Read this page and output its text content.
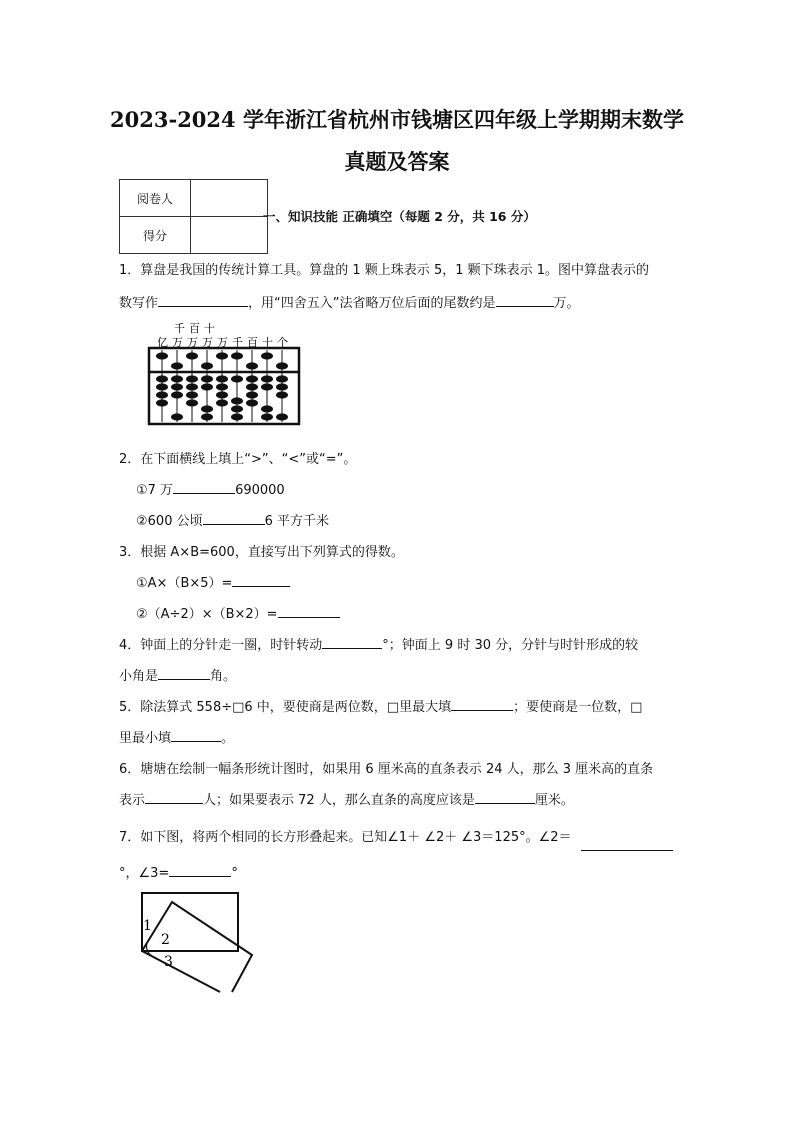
2023-2024 学年浙江省杭州市钱塘区四年级上学期期末数学
真题及答案
阅卷人	
得分	
一、知识技能 正确填空（每题 2 分，共 16 分）
1．算盘是我国的传统计算工具。算盘的 1 颗上珠表示 5，1 颗下珠表示 1。图中算盘表示的
数写作	，用“四舍五入”法省略万位后面的尾数约是	万。
千 百 十
亿 万 万 万 万 千 百 十 个
2．在下面横线上填上“>”、“<”或“=”。
①7 万	690000
②600 公顷	6 平方千米
3．根据 A×B=600，直接写出下列算式的得数。
①A×（B×5）=
②（A÷2）×（B×2）=
4．钟面上的分针走一圈，时针转动	°；钟面上 9 时 30 分，分针与时针形成的较
小角是	角。
5．除法算式 558÷□6 中，要使商是两位数，□里最大填	；要使商是一位数，□
里最小填	。
6．塘塘在绘制一幅条形统计图时，如果用 6 厘米高的直条表示 24 人，那么 3 厘米高的直条
表示	人；如果要表示 72 人，那么直条的高度应该是	厘米。
7．如下图，将两个相同的长方形叠起来。已知∠1＋ ∠2＋ ∠3＝125°。∠2＝
°，∠3=	°
1
2
3
